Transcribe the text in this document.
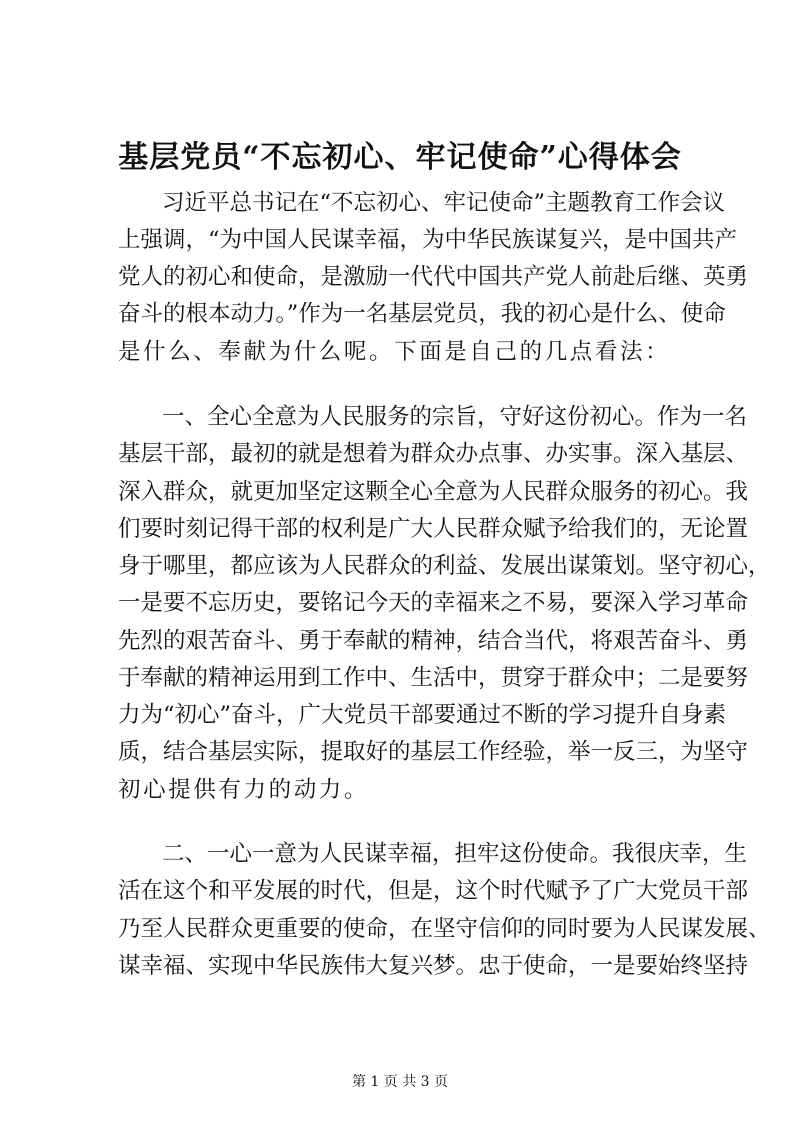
基层党员“不忘初心、牢记使命”心得体会

习近平总书记在“不忘初心、牢记使命”主题教育工作会议

上强调，“为中国人民谋幸福，为中华民族谋复兴，是中国共产

党人的初心和使命，是激励一代代中国共产党人前赴后继、英勇

奋斗的根本动力。”作为一名基层党员，我的初心是什么、使命

是什么、奉献为什么呢。下面是自己的几点看法：

一、全心全意为人民服务的宗旨，守好这份初心。作为一名

基层干部，最初的就是想着为群众办点事、办实事。深入基层、

深入群众，就更加坚定这颗全心全意为人民群众服务的初心。我

们要时刻记得干部的权利是广大人民群众赋予给我们的，无论置

身于哪里，都应该为人民群众的利益、发展出谋策划。坚守初心，

一是要不忘历史，要铭记今天的幸福来之不易，要深入学习革命

先烈的艰苦奋斗、勇于奉献的精神，结合当代，将艰苦奋斗、勇

于奉献的精神运用到工作中、生活中，贯穿于群众中；二是要努

力为“初心”奋斗，广大党员干部要通过不断的学习提升自身素

质，结合基层实际，提取好的基层工作经验，举一反三，为坚守

初心提供有力的动力。

二、一心一意为人民谋幸福，担牢这份使命。我很庆幸，生

活在这个和平发展的时代，但是，这个时代赋予了广大党员干部

乃至人民群众更重要的使命，在坚守信仰的同时要为人民谋发展、

谋幸福、实现中华民族伟大复兴梦。忠于使命，一是要始终坚持

第 1 页 共 3 页
